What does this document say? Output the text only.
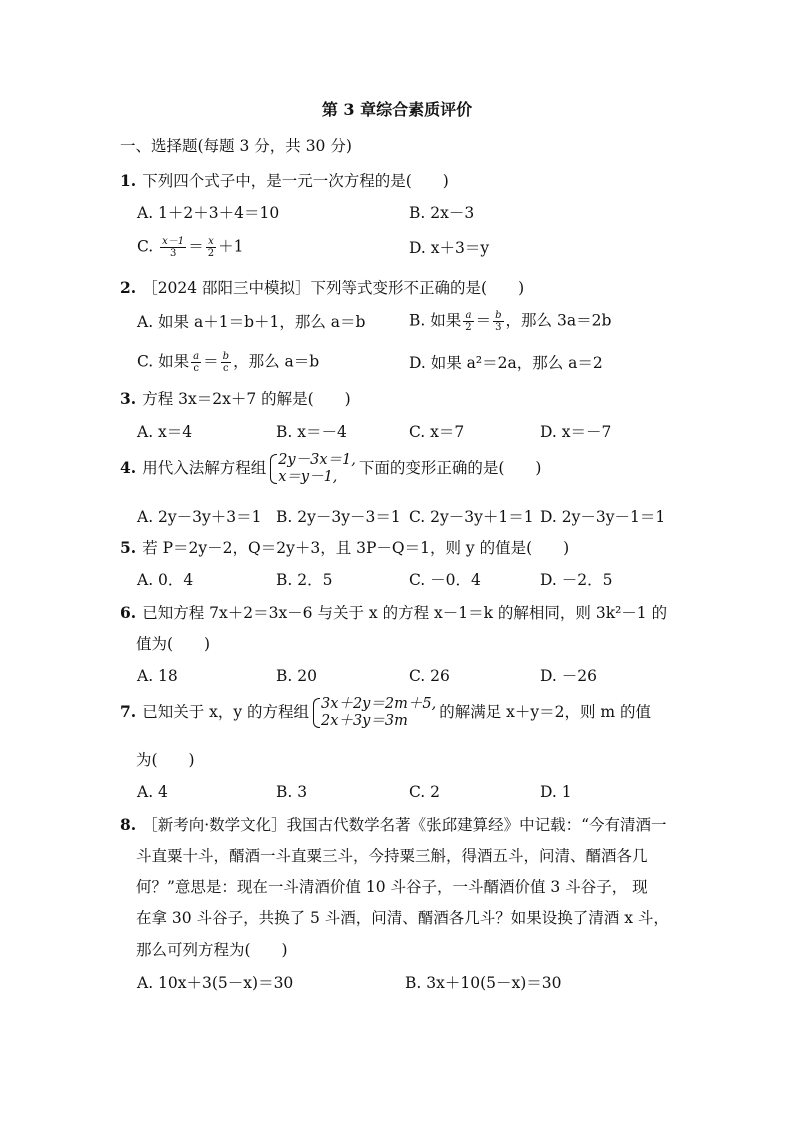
第 3 章综合素质评价
一、选择题(每题 3 分，共 30 分)
1. 下列四个式子中，是一元一次方程的是(　　)
A. 1＋2＋3＋4＝10	B. 2x－3
C. $\frac{x-1}{3} = \frac{x}{2} +1$	D. x＋3＝y
2. ［2024 邵阳三中模拟］下列等式变形不正确的是(　　)
A. 如果 a＋1＝b＋1，那么 a＝b	B. 如果 $\frac{a}{2} = \frac{b}{3}$ ，那么 3a＝2b
C. 如果 $\frac{a}{c} = \frac{b}{c}$ ，那么 a＝b	D. 如果 a²＝2a，那么 a＝2
3. 方程 3x＝2x＋7 的解是(　　)
A. x＝4	B. x＝－4	C. x＝7	D. x＝－7
4. 用代入法解方程组 2y－3x＝1,
x＝y－1,	下面的变形正确的是(　　)
A. 2y－3y＋3＝1 B. 2y－3y－3＝1 C. 2y－3y＋1＝1 D. 2y－3y－1＝1
5. 若 P＝2y－2，Q＝2y＋3，且 3P－Q＝1，则 y 的值是(　　)
A. 0．4	B. 2．5	C. －0．4	D. －2．5
6. 已知方程 7x＋2＝3x－6 与关于 x 的方程 x－1＝k 的解相同，则 3k²－1 的
值为(　　)
A. 18	B. 20	C. 26	D. －26
7. 已知关于 x，y 的方程组 3x＋2y＝2m＋5,
2x＋3y＝3m	的解满足 x＋y＝2，则 m 的值
为(　　)
A. 4	B. 3	C. 2	D. 1
8. ［新考向·数学文化］我国古代数学名著《张邱建算经》中记载：“今有清酒一
斗直粟十斗，醑酒一斗直粟三斗，今持粟三斛，得酒五斗，问清、醑酒各几
何？”意思是：现在一斗清酒价值 10 斗谷子，一斗醑酒价值 3 斗谷子， 现
在拿 30 斗谷子，共换了 5 斗酒，问清、醑酒各几斗？如果设换了清酒 x 斗，
那么可列方程为(　　)
A. 10x＋3(5－x)＝30	B. 3x＋10(5－x)＝30
